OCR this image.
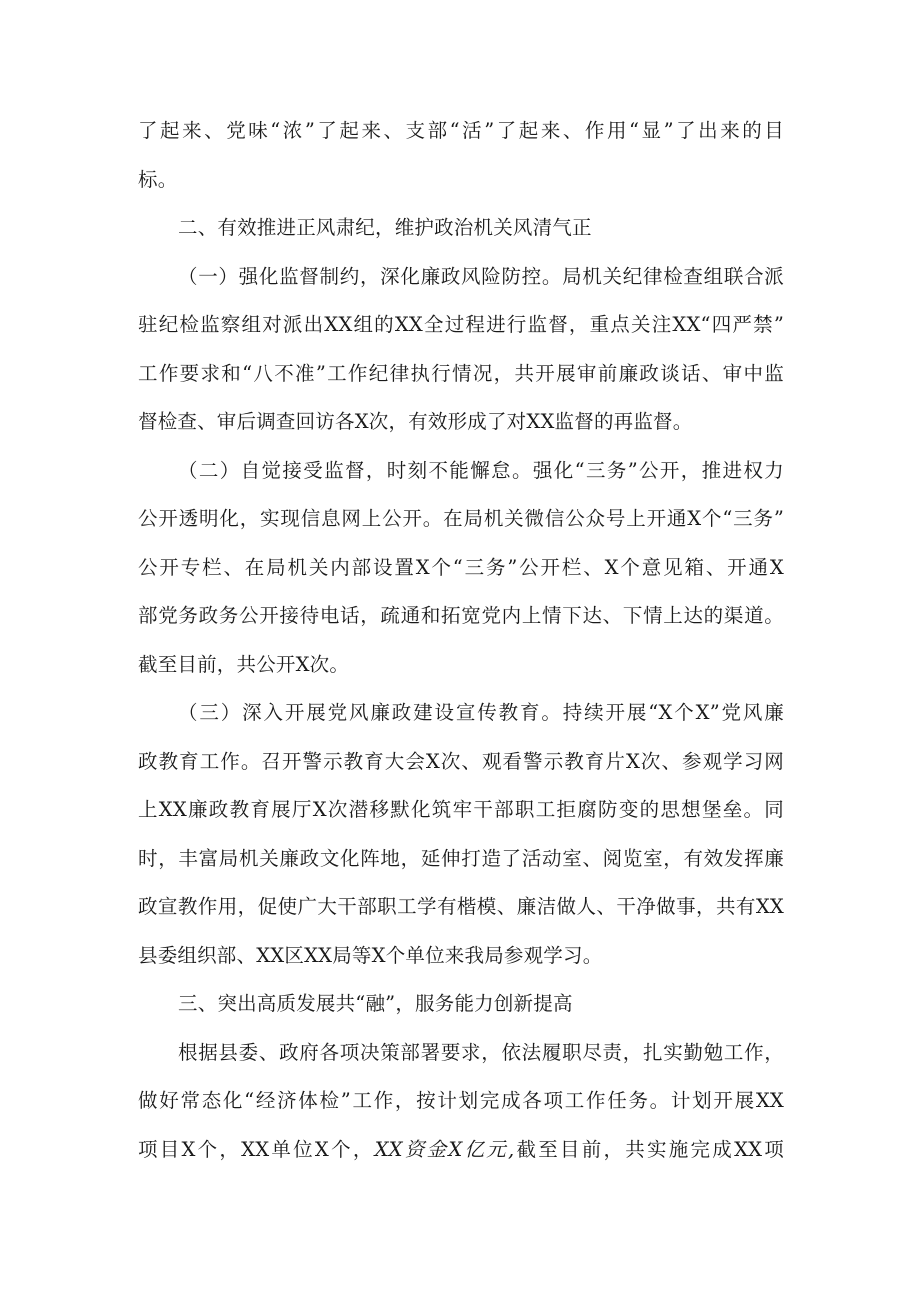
了起来、党味“浓”了起来、支部“活”了起来、作用“显”了出来的目
标。
二、有效推进正风肃纪，维护政治机关风清气正
（一）强化监督制约，深化廉政风险防控。局机关纪律检查组联合派
驻纪检监察组对派出XX组的XX全过程进行监督，重点关注XX“四严禁”
工作要求和“八不准”工作纪律执行情况，共开展审前廉政谈话、审中监
督检查、审后调查回访各X次，有效形成了对XX监督的再监督。
（二）自觉接受监督，时刻不能懈怠。强化“三务”公开，推进权力
公开透明化，实现信息网上公开。在局机关微信公众号上开通X个“三务”
公开专栏、在局机关内部设置X个“三务”公开栏、X个意见箱、开通X
部党务政务公开接待电话，疏通和拓宽党内上情下达、下情上达的渠道。
截至目前，共公开X次。
（三）深入开展党风廉政建设宣传教育。持续开展“X个X”党风廉
政教育工作。召开警示教育大会X次、观看警示教育片X次、参观学习网
上XX廉政教育展厅X次潜移默化筑牢干部职工拒腐防变的思想堡垒。同
时，丰富局机关廉政文化阵地，延伸打造了活动室、阅览室，有效发挥廉
政宣教作用，促使广大干部职工学有楷模、廉洁做人、干净做事，共有XX
县委组织部、XX区XX局等X个单位来我局参观学习。
三、突出高质发展共“融”，服务能力创新提高
根据县委、政府各项决策部署要求，依法履职尽责，扎实勤勉工作，
做好常态化“经济体检”工作，按计划完成各项工作任务。计划开展XX
项目X个，XX单位X个，XX资金X亿元,截至目前，共实施完成XX项
